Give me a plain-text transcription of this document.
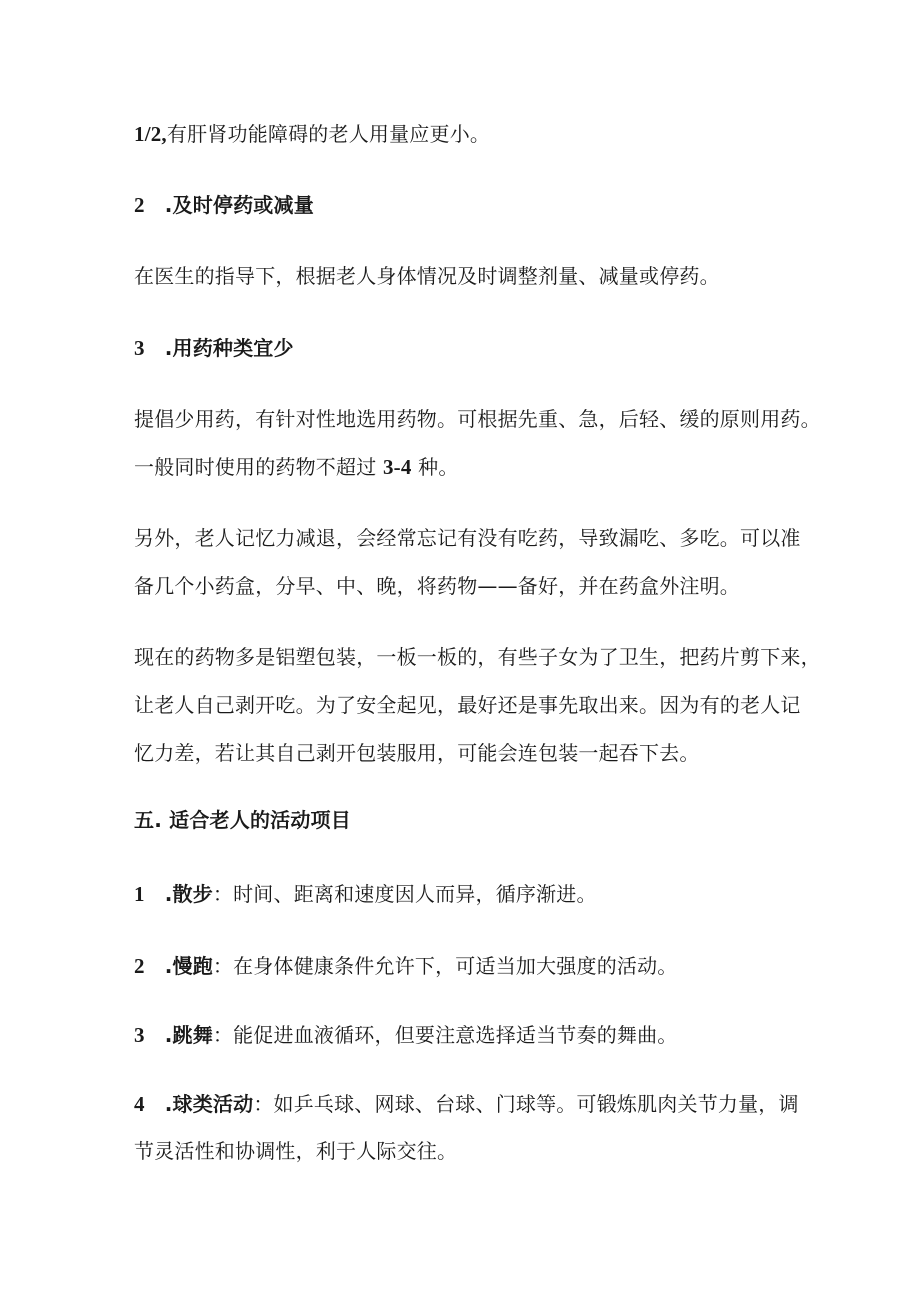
1/2,有肝肾功能障碍的老人用量应更小。
2 .及时停药或减量
在医生的指导下，根据老人身体情况及时调整剂量、减量或停药。
3 .用药种类宜少
提倡少用药，有针对性地选用药物。可根据先重、急，后轻、缓的原则用药。
一般同时使用的药物不超过 3-4 种。
另外，老人记忆力减退，会经常忘记有没有吃药，导致漏吃、多吃。可以准
备几个小药盒，分早、中、晚，将药物——备好，并在药盒外注明。
现在的药物多是铝塑包装，一板一板的，有些子女为了卫生，把药片剪下来，
让老人自己剥开吃。为了安全起见，最好还是事先取出来。因为有的老人记
忆力差，若让其自己剥开包装服用，可能会连包装一起吞下去。
五. 适合老人的活动项目
1 .散步：时间、距离和速度因人而异，循序渐进。
2 .慢跑：在身体健康条件允许下，可适当加大强度的活动。
3 .跳舞：能促进血液循环，但要注意选择适当节奏的舞曲。
4 .球类活动：如乒乓球、网球、台球、门球等。可锻炼肌肉关节力量，调
节灵活性和协调性，利于人际交往。
